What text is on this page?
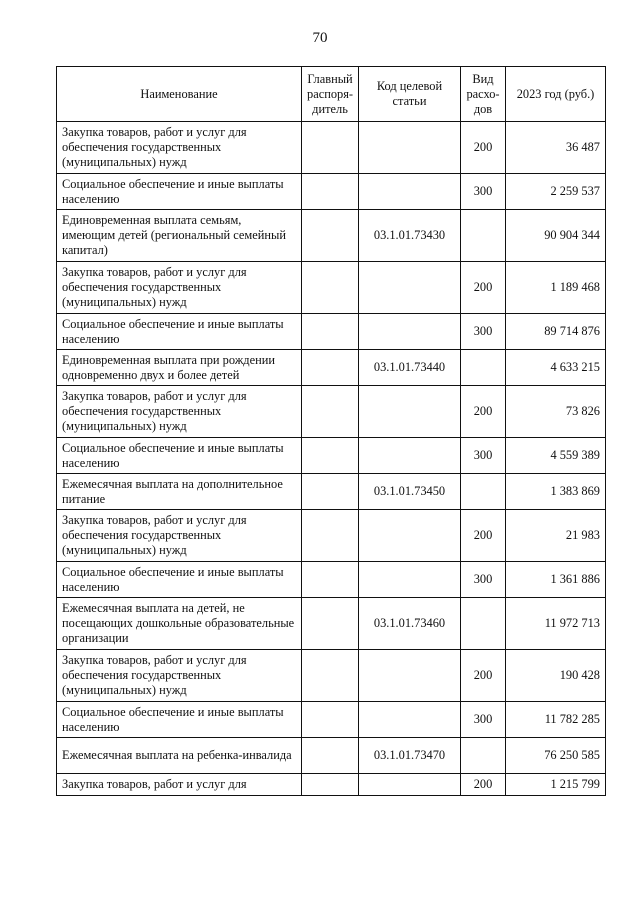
70
Наименование	Главный распоря-дитель	Код целевой статьи	Вид расхо-дов	2023 год (руб.)
Закупка товаров, работ и услуг для обеспечения государственных (муниципальных) нужд			200	36 487
Социальное обеспечение и иные выплаты населению			300	2 259 537
Единовременная выплата семьям, имеющим детей (региональный семейный капитал)		03.1.01.73430		90 904 344
Закупка товаров, работ и услуг для обеспечения государственных (муниципальных) нужд			200	1 189 468
Социальное обеспечение и иные выплаты населению			300	89 714 876
Единовременная выплата при рождении одновременно двух и более детей		03.1.01.73440		4 633 215
Закупка товаров, работ и услуг для обеспечения государственных (муниципальных) нужд			200	73 826
Социальное обеспечение и иные выплаты населению			300	4 559 389
Ежемесячная выплата на дополнительное питание		03.1.01.73450		1 383 869
Закупка товаров, работ и услуг для обеспечения государственных (муниципальных) нужд			200	21 983
Социальное обеспечение и иные выплаты населению			300	1 361 886
Ежемесячная выплата на детей, не посещающих дошкольные образовательные организации		03.1.01.73460		11 972 713
Закупка товаров, работ и услуг для обеспечения государственных (муниципальных) нужд			200	190 428
Социальное обеспечение и иные выплаты населению			300	11 782 285
Ежемесячная выплата на ребенка-инвалида		03.1.01.73470		76 250 585
Закупка товаров, работ и услуг для			200	1 215 799
